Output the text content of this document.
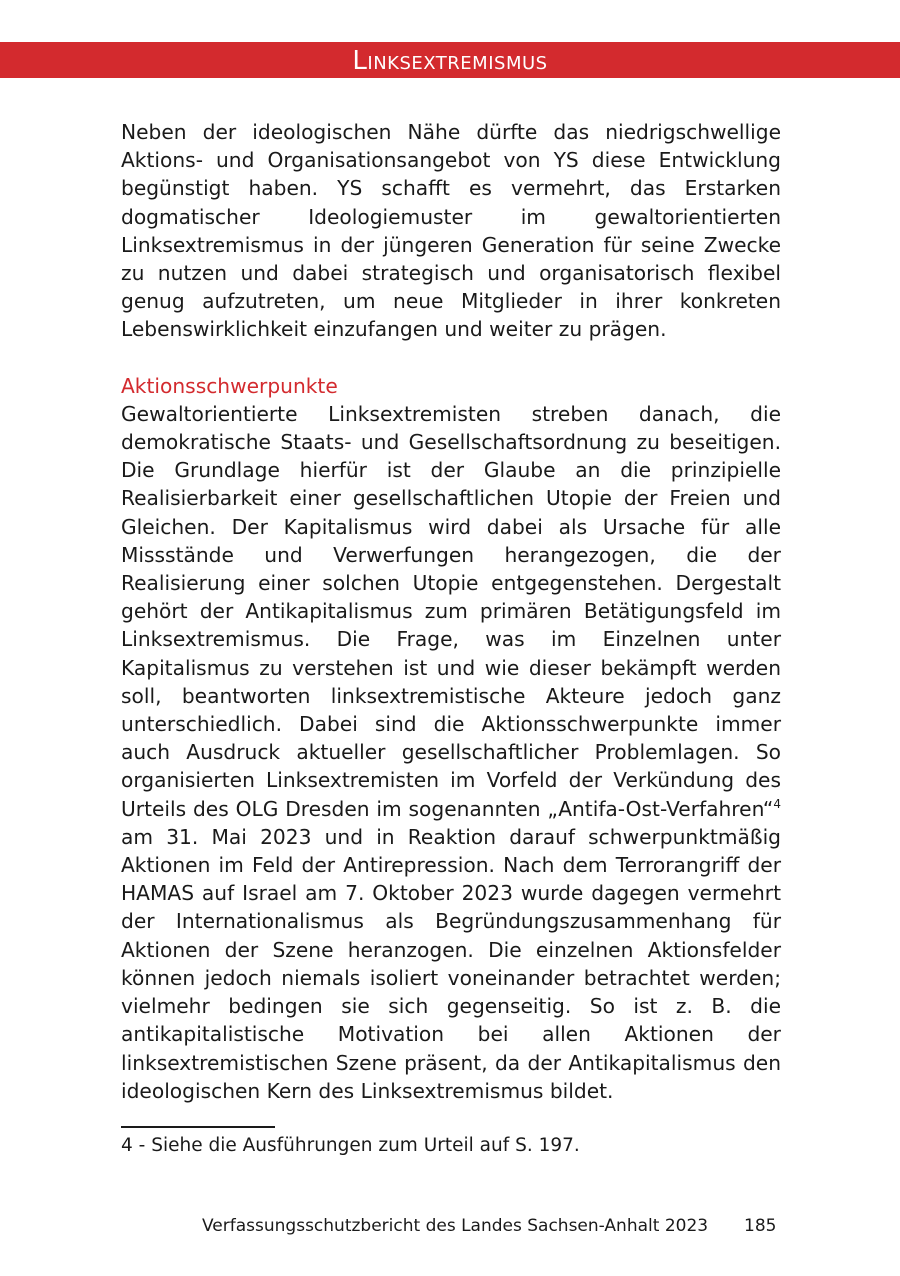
Linksextremismus

Neben der ideologischen Nähe dürfte das niedrigschwellige Aktions- und Organisationsangebot von YS diese Entwicklung begünstigt haben. YS schafft es vermehrt, das Erstarken dogmatischer Ideologiemuster im gewaltorientierten Linksextremismus in der jüngeren Generation für seine Zwecke zu nutzen und dabei strategisch und organisatorisch flexibel genug aufzutreten, um neue Mitglieder in ihrer konkreten Lebenswirklichkeit einzufangen und weiter zu prägen.

Aktionsschwerpunkte

Gewaltorientierte Linksextremisten streben danach, die demokratische Staats- und Gesellschaftsordnung zu beseitigen. Die Grundlage hierfür ist der Glaube an die prinzipielle Realisierbarkeit einer gesellschaftlichen Utopie der Freien und Gleichen. Der Kapitalismus wird dabei als Ursache für alle Missstände und Verwerfungen herangezogen, die der Realisierung einer solchen Utopie entgegenstehen. Dergestalt gehört der Antikapitalismus zum primären Betätigungsfeld im Linksextremismus. Die Frage, was im Einzelnen unter Kapitalismus zu verstehen ist und wie dieser bekämpft werden soll, beantworten linksextremistische Akteure jedoch ganz unterschiedlich. Dabei sind die Aktionsschwerpunkte immer auch Ausdruck aktueller gesellschaftlicher Problemlagen. So organisierten Linksextremisten im Vorfeld der Verkündung des Urteils des OLG Dresden im sogenannten „Antifa-Ost-Verfahren“$^4$ am 31. Mai 2023 und in Reaktion darauf schwerpunktmäßig Aktionen im Feld der Antirepression. Nach dem Terrorangriff der HAMAS auf Israel am 7. Oktober 2023 wurde dagegen vermehrt der Internationalismus als Begründungszusammenhang für Aktionen der Szene heranzogen. Die einzelnen Aktionsfelder können jedoch niemals isoliert voneinander betrachtet werden; vielmehr bedingen sie sich gegenseitig. So ist z. B. die antikapitalistische Motivation bei allen Aktionen der linksextremistischen Szene präsent, da der Antikapitalismus den ideologischen Kern des Linksextremismus bildet.

4 - Siehe die Ausführungen zum Urteil auf S. 197.
Verfassungsschutzbericht des Landes Sachsen-Anhalt 2023 185
